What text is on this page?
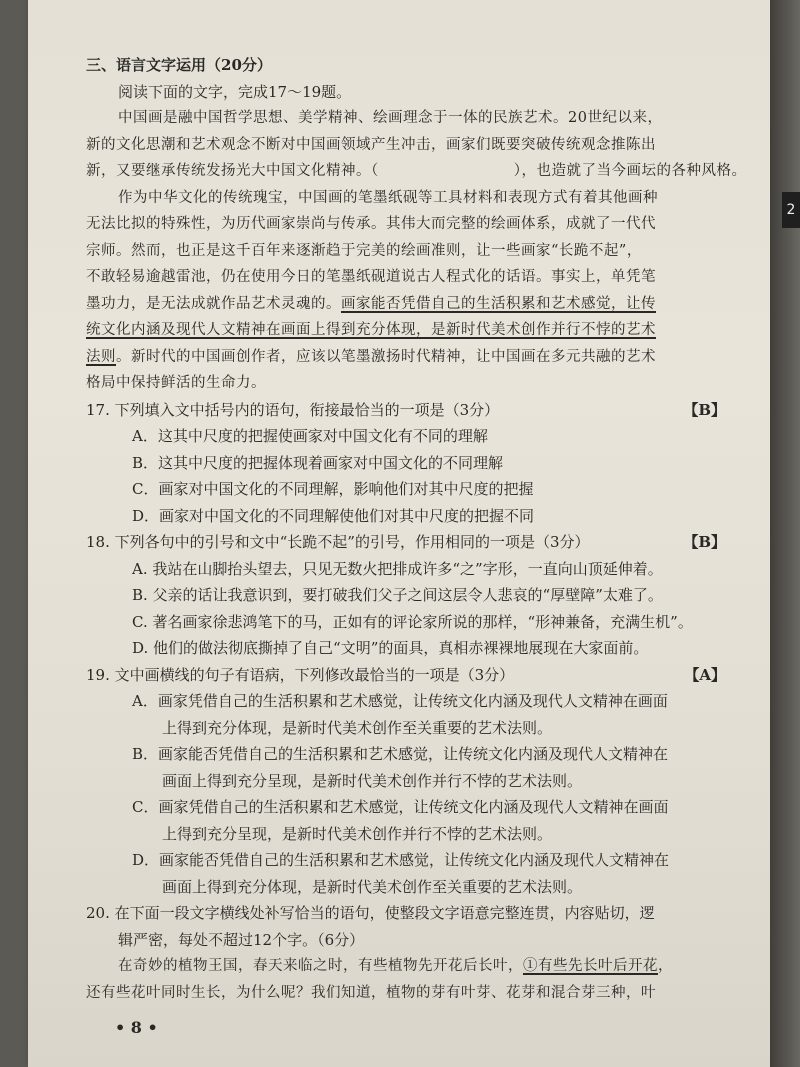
2
三、语言文字运用（20分）
阅读下面的文字，完成17～19题。
中国画是融中国哲学思想、美学精神、绘画理念于一体的民族艺术。20世纪以来，
新的文化思潮和艺术观念不断对中国画领域产生冲击，画家们既要突破传统观念推陈出
新，又要继承传统发扬光大中国文化精神。（　　　　　　　　　），也造就了当今画坛的各种风格。
作为中华文化的传统瑰宝，中国画的笔墨纸砚等工具材料和表现方式有着其他画种
无法比拟的特殊性，为历代画家崇尚与传承。其伟大而完整的绘画体系，成就了一代代
宗师。然而，也正是这千百年来逐渐趋于完美的绘画准则，让一些画家“长跪不起”，
不敢轻易逾越雷池，仍在使用今日的笔墨纸砚道说古人程式化的话语。事实上，单凭笔
墨功力，是无法成就作品艺术灵魂的。画家能否凭借自己的生活积累和艺术感觉，让传
统文化内涵及现代人文精神在画面上得到充分体现，是新时代美术创作并行不悖的艺术
法则。新时代的中国画创作者，应该以笔墨激扬时代精神，让中国画在多元共融的艺术
格局中保持鲜活的生命力。
17. 下列填入文中括号内的语句，衔接最恰当的一项是（3分）	【B】
A．这其中尺度的把握使画家对中国文化有不同的理解
B．这其中尺度的把握体现着画家对中国文化的不同理解
C．画家对中国文化的不同理解，影响他们对其中尺度的把握
D．画家对中国文化的不同理解使他们对其中尺度的把握不同
18. 下列各句中的引号和文中“长跪不起”的引号，作用相同的一项是（3分）	【B】
A. 我站在山脚抬头望去，只见无数火把排成许多“之”字形，一直向山顶延伸着。
B. 父亲的话让我意识到，要打破我们父子之间这层令人悲哀的“厚壁障”太难了。
C. 著名画家徐悲鸿笔下的马，正如有的评论家所说的那样，“形神兼备，充满生机”。
D. 他们的做法彻底撕掉了自己“文明”的面具，真相赤裸裸地展现在大家面前。
19. 文中画横线的句子有语病，下列修改最恰当的一项是（3分）	【A】
A．画家凭借自己的生活积累和艺术感觉，让传统文化内涵及现代人文精神在画面
上得到充分体现，是新时代美术创作至关重要的艺术法则。
B．画家能否凭借自己的生活积累和艺术感觉，让传统文化内涵及现代人文精神在
画面上得到充分呈现，是新时代美术创作并行不悖的艺术法则。
C．画家凭借自己的生活积累和艺术感觉，让传统文化内涵及现代人文精神在画面
上得到充分呈现，是新时代美术创作并行不悖的艺术法则。
D．画家能否凭借自己的生活积累和艺术感觉，让传统文化内涵及现代人文精神在
画面上得到充分体现，是新时代美术创作至关重要的艺术法则。
20. 在下面一段文字横线处补写恰当的语句，使整段文字语意完整连贯，内容贴切，逻
辑严密，每处不超过12个字。（6分）
在奇妙的植物王国，春天来临之时，有些植物先开花后长叶，①有些先长叶后开花，
还有些花叶同时生长，为什么呢？我们知道，植物的芽有叶芽、花芽和混合芽三种，叶
• 8 •
